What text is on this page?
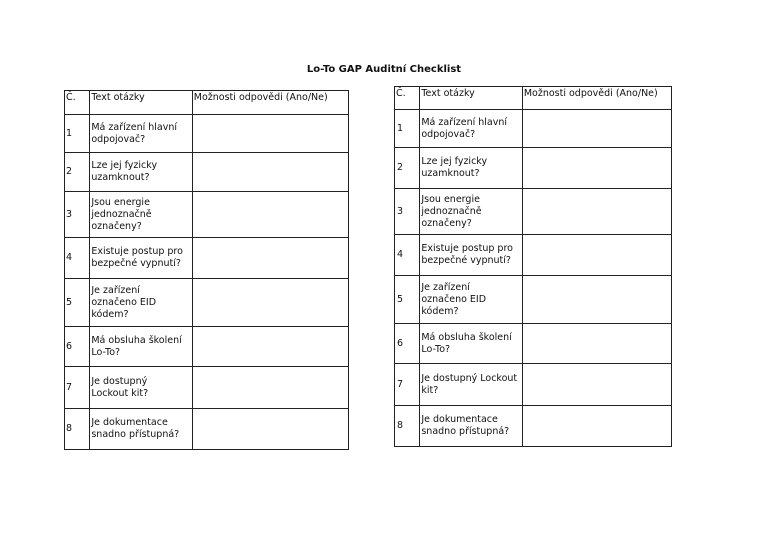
Lo-To GAP Auditní Checklist
Č.	Text otázky	Možnosti odpovědi (Ano/Ne)
1	Má zařízení hlavní
odpojovač?	

2	Lze jej fyzicky
uzamknout?	

3	Jsou energie
jednoznačně
označeny?	

4	Existuje postup pro
bezpečné vypnutí?	

5	Je zařízení
označeno EID
kódem?	

6	Má obsluha školení
Lo-To?	

7	Je dostupný
Lockout kit?	

8	Je dokumentace
snadno přístupná?	

Č.	Text otázky	Možnosti odpovědi (Ano/Ne)
1	Má zařízení hlavní
odpojovač?	

2	Lze jej fyzicky
uzamknout?	

3	Jsou energie
jednoznačně
označeny?	

4	Existuje postup pro
bezpečné vypnutí?	

5	Je zařízení
označeno EID
kódem?	

6	Má obsluha školení
Lo-To?	

7	Je dostupný Lockout
kit?	

8	Je dokumentace
snadno přístupná?	
